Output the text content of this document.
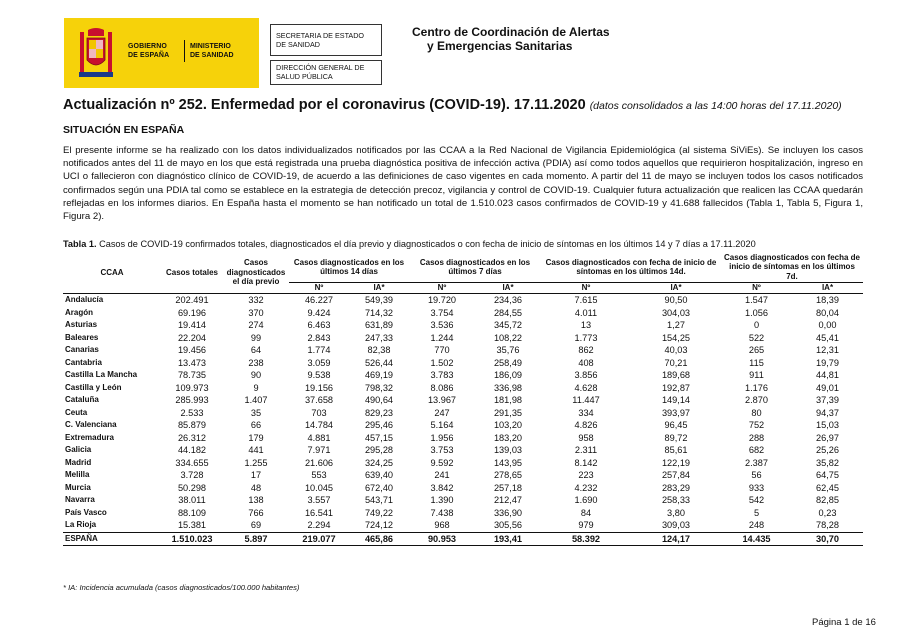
GOBIERNO
DE ESPAÑA
MINISTERIO
DE SANIDAD
SECRETARIA DE ESTADO
DE SANIDAD
DIRECCIÓN GENERAL DE
SALUD PÚBLICA
Centro de Coordinación de Alertas
y Emergencias Sanitarias
Actualización nº 252. Enfermedad por el coronavirus (COVID-19). 17.11.2020 (datos consolidados a las 14:00 horas del 17.11.2020)
SITUACIÓN EN ESPAÑA
El presente informe se ha realizado con los datos individualizados notificados por las CCAA a la Red Nacional de Vigilancia Epidemiológica (al sistema SiViEs). Se incluyen los casos notificados antes del 11 de mayo en los que está registrada una prueba diagnóstica positiva de infección activa (PDIA) así como todos aquellos que requirieron hospitalización, ingreso en UCI o fallecieron con diagnóstico clínico de COVID-19, de acuerdo a las definiciones de caso vigentes en cada momento. A partir del 11 de mayo se incluyen todos los casos notificados confirmados según una PDIA tal como se establece en la estrategia de detección precoz, vigilancia y control de COVID-19. Cualquier futura actualización que realicen las CCAA quedarán reflejadas en los informes diarios. En España hasta el momento se han notificado un total de 1.510.023 casos confirmados de COVID-19 y 41.688 fallecidos (Tabla 1, Tabla 5, Figura 1, Figura 2).
Tabla 1. Casos de COVID-19 confirmados totales, diagnosticados el día previo y diagnosticados o con fecha de inicio de síntomas en los últimos 14 y 7 días a 17.11.2020
CCAA	Casos totales	Casos diagnosticados el día previo	Casos diagnosticados en los últimos 14 días		Casos diagnosticados en los últimos 7 días		Casos diagnosticados con fecha de inicio de síntomas en los últimos 14d.		Casos diagnosticados con fecha de inicio de síntomas en los últimos 7d.	
			Nº	IA*	Nº	IA*	Nº	IA*	Nº	IA*
Andalucía	202.491	332	46.227	549,39	19.720	234,36	7.615	90,50	1.547	18,39
Aragón	69.196	370	9.424	714,32	3.754	284,55	4.011	304,03	1.056	80,04
Asturias	19.414	274	6.463	631,89	3.536	345,72	13	1,27	0	0,00
Baleares	22.204	99	2.843	247,33	1.244	108,22	1.773	154,25	522	45,41
Canarias	19.456	64	1.774	82,38	770	35,76	862	40,03	265	12,31
Cantabria	13.473	238	3.059	526,44	1.502	258,49	408	70,21	115	19,79
Castilla La Mancha	78.735	90	9.538	469,19	3.783	186,09	3.856	189,68	911	44,81
Castilla y León	109.973	9	19.156	798,32	8.086	336,98	4.628	192,87	1.176	49,01
Cataluña	285.993	1.407	37.658	490,64	13.967	181,98	11.447	149,14	2.870	37,39
Ceuta	2.533	35	703	829,23	247	291,35	334	393,97	80	94,37
C. Valenciana	85.879	66	14.784	295,46	5.164	103,20	4.826	96,45	752	15,03
Extremadura	26.312	179	4.881	457,15	1.956	183,20	958	89,72	288	26,97
Galicia	44.182	441	7.971	295,28	3.753	139,03	2.311	85,61	682	25,26
Madrid	334.655	1.255	21.606	324,25	9.592	143,95	8.142	122,19	2.387	35,82
Melilla	3.728	17	553	639,40	241	278,65	223	257,84	56	64,75
Murcia	50.298	48	10.045	672,40	3.842	257,18	4.232	283,29	933	62,45
Navarra	38.011	138	3.557	543,71	1.390	212,47	1.690	258,33	542	82,85
País Vasco	88.109	766	16.541	749,22	7.438	336,90	84	3,80	5	0,23
La Rioja	15.381	69	2.294	724,12	968	305,56	979	309,03	248	78,28
ESPAÑA	1.510.023	5.897	219.077	465,86	90.953	193,41	58.392	124,17	14.435	30,70
* IA: Incidencia acumulada (casos diagnosticados/100.000 habitantes)
Página 1 de 16
